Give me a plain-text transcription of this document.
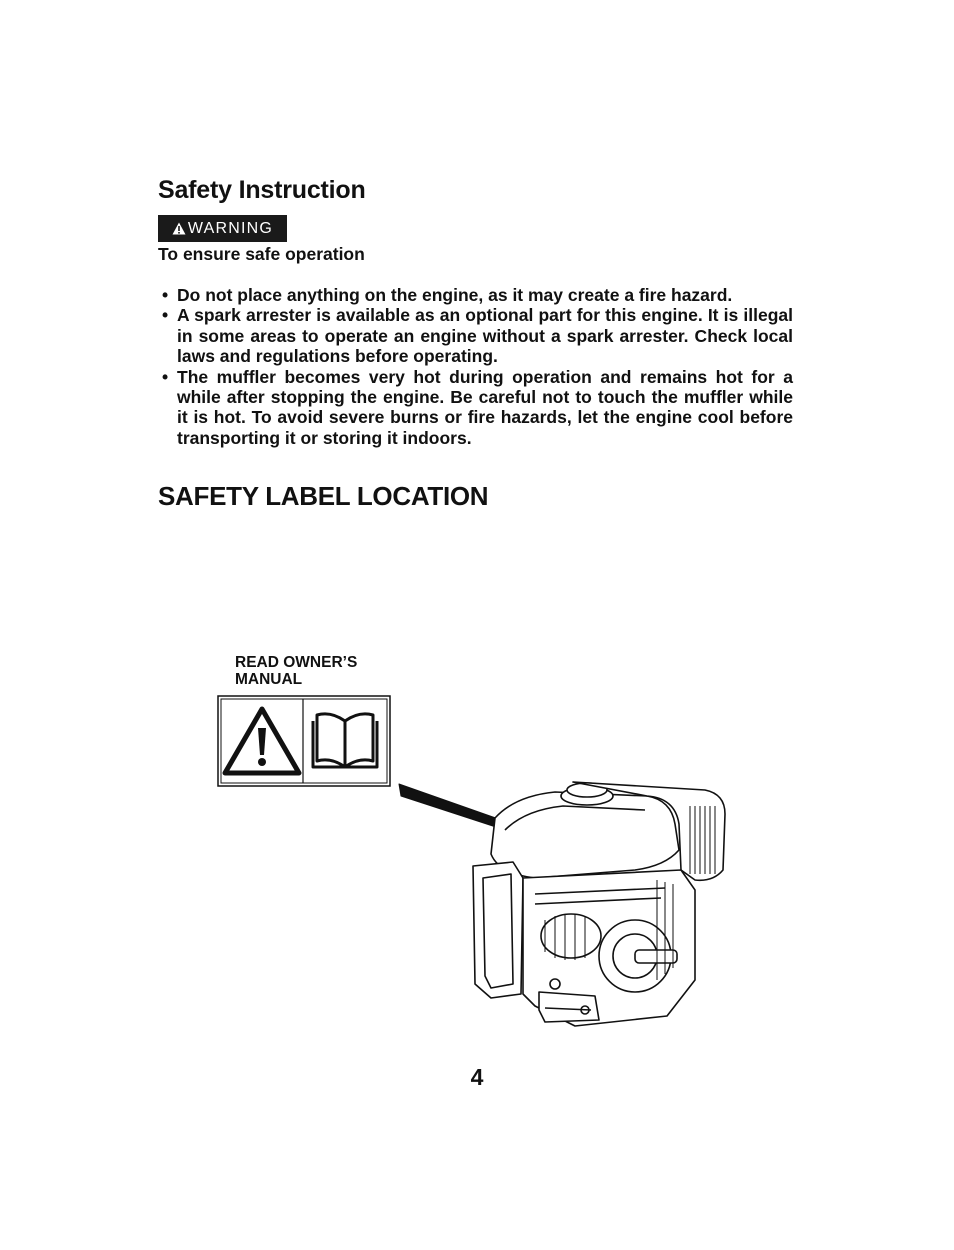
Safety Instruction
WARNING

To ensure safe operation

• Do not place anything on the engine, as it may create a fire hazard.
• A spark arrester is available as an optional part for this engine. It is illegal in some areas to operate an engine without a spark arrester. Check local laws and regulations before operating.
• The muffler becomes very hot during operation and remains hot for a while after stopping the engine. Be careful not to touch the muffler while it is hot. To avoid severe burns or fire hazards, let the engine cool before transporting it or storing it indoors.
SAFETY LABEL LOCATION
READ OWNER’S MANUAL
4
